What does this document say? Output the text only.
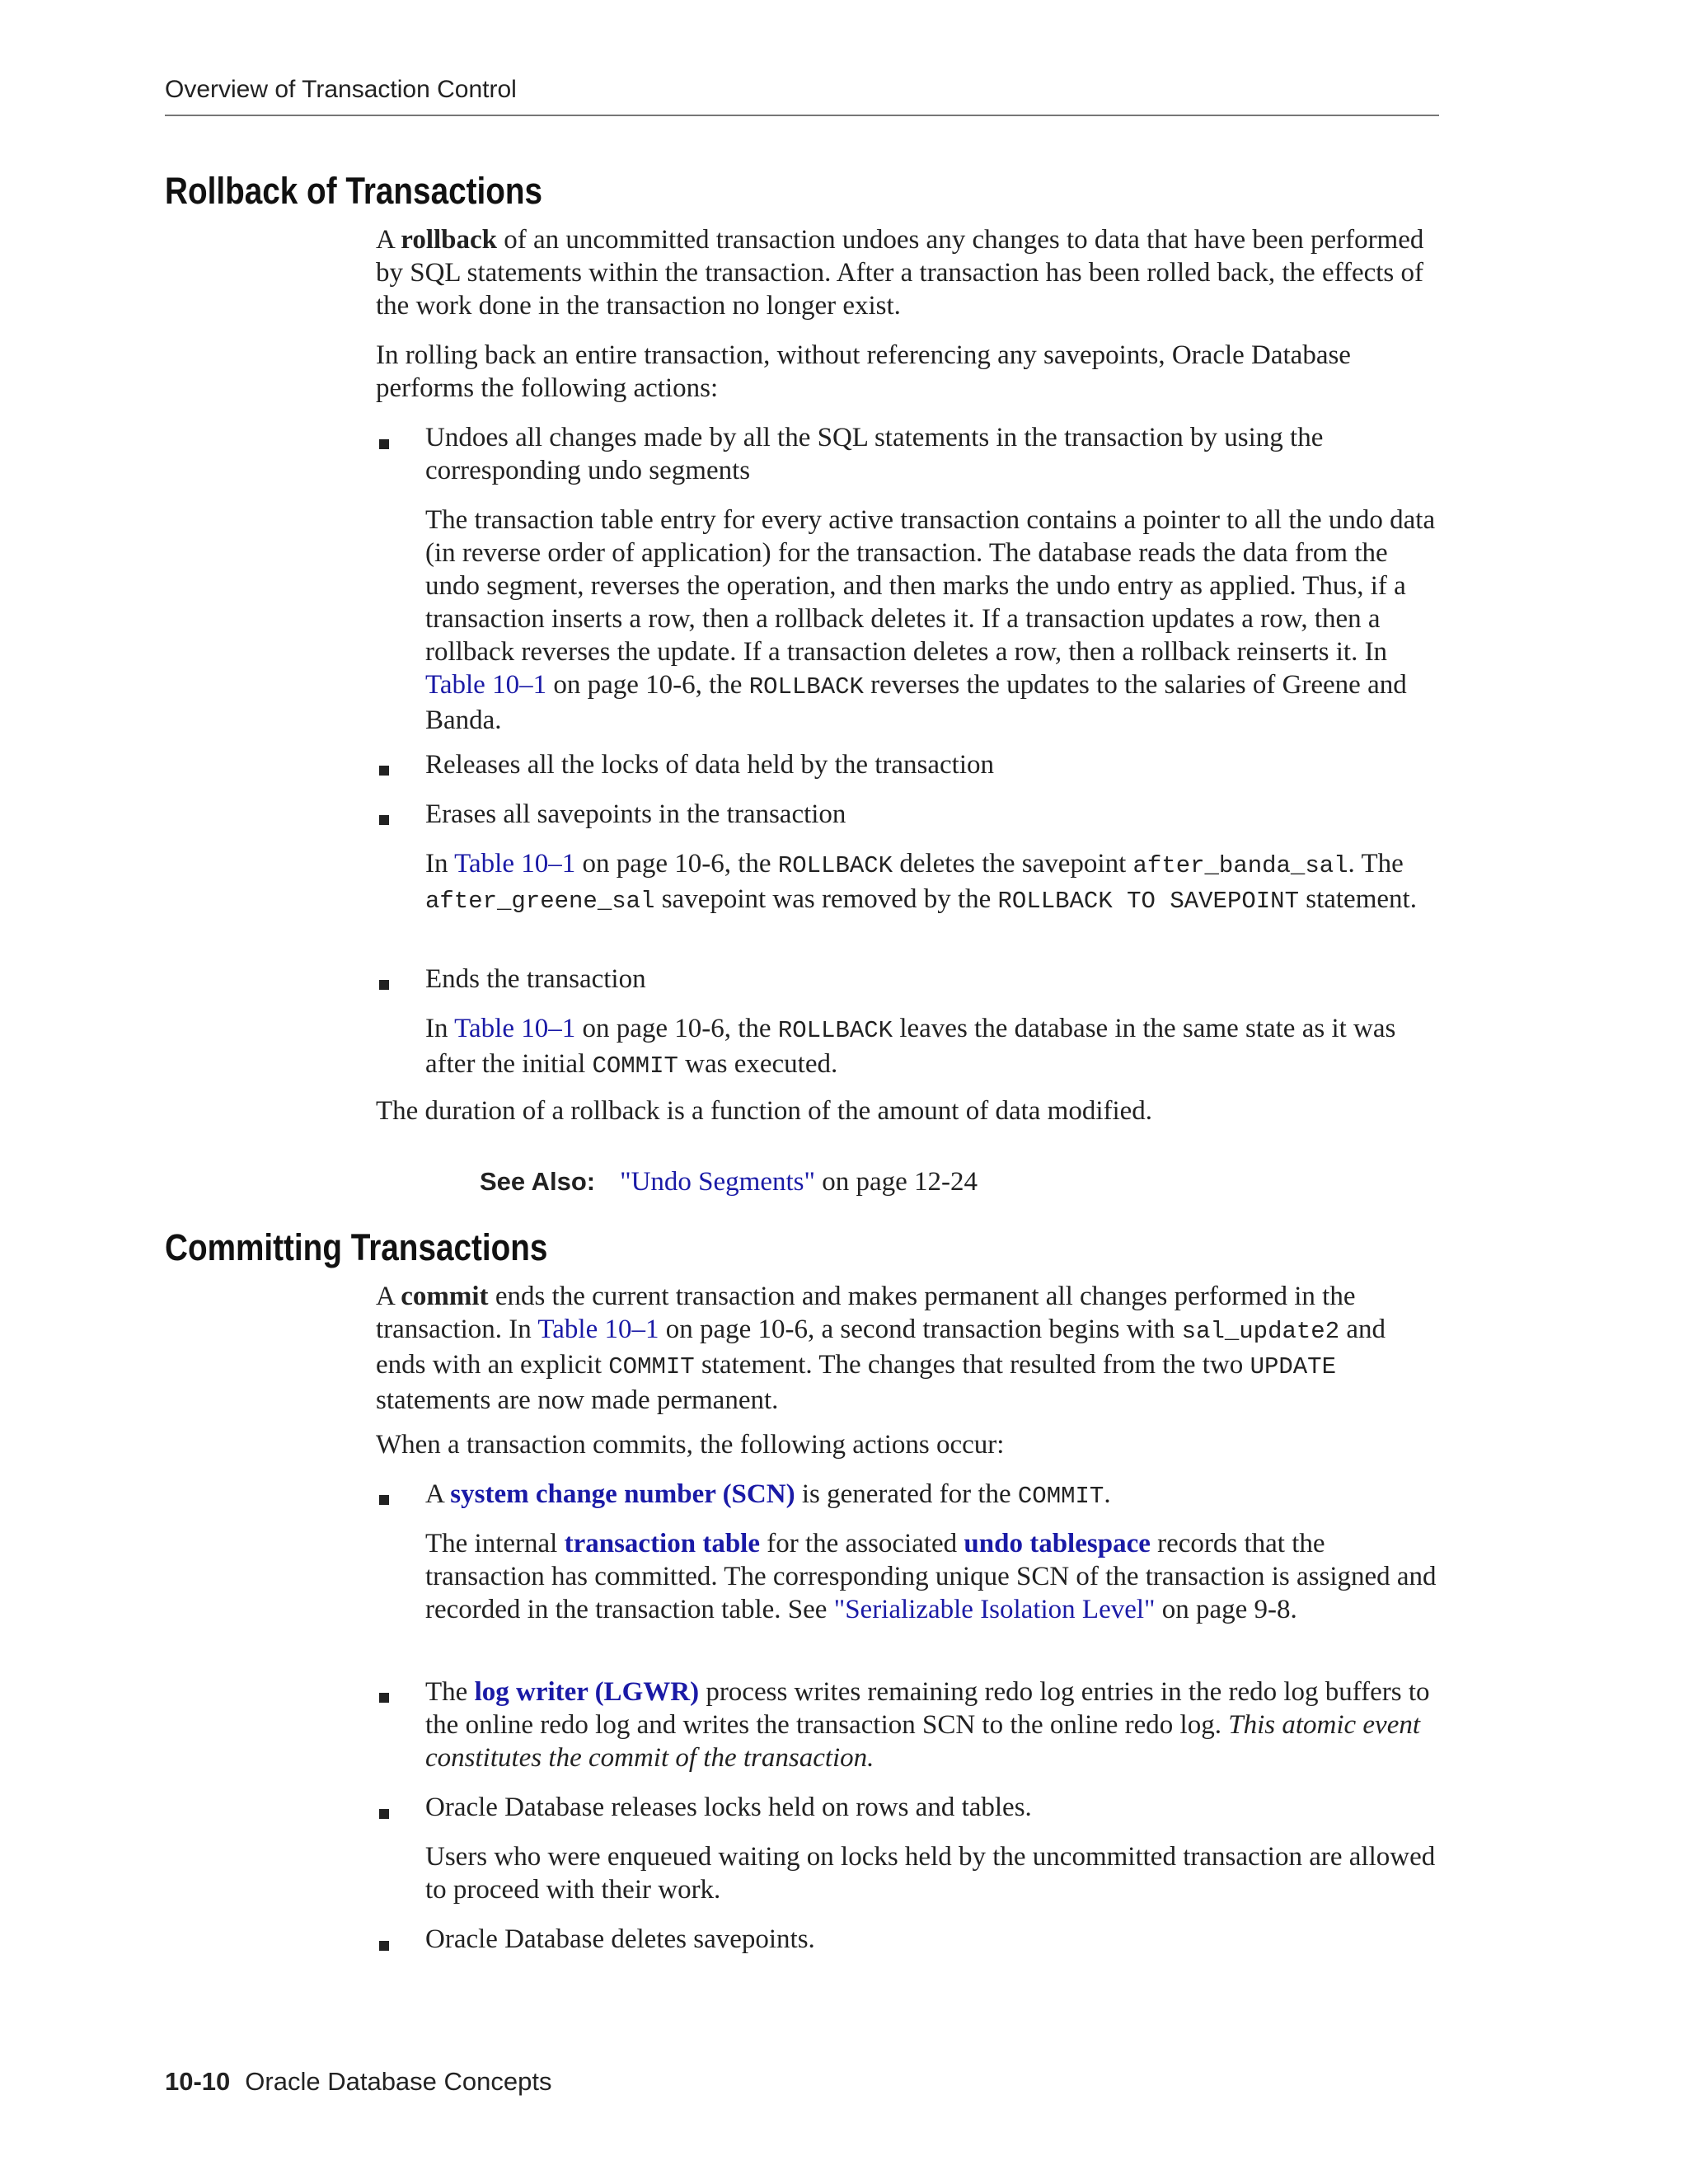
Overview of Transaction Control
Rollback of Transactions

A rollback of an uncommitted transaction undoes any changes to data that have been performed by SQL statements within the transaction. After a transaction has been rolled back, the effects of the work done in the transaction no longer exist.

In rolling back an entire transaction, without referencing any savepoints, Oracle Database performs the following actions:

Undoes all changes made by all the SQL statements in the transaction by using the corresponding undo segments

The transaction table entry for every active transaction contains a pointer to all the undo data (in reverse order of application) for the transaction. The database reads the data from the undo segment, reverses the operation, and then marks the undo entry as applied. Thus, if a transaction inserts a row, then a rollback deletes it. If a transaction updates a row, then a rollback reverses the update. If a transaction deletes a row, then a rollback reinserts it. In Table 10–1 on page 10-6, the ROLLBACK reverses the updates to the salaries of Greene and Banda.

Releases all the locks of data held by the transaction

Erases all savepoints in the transaction

In Table 10–1 on page 10-6, the ROLLBACK deletes the savepoint after_banda_sal. The after_greene_sal savepoint was removed by the ROLLBACK TO SAVEPOINT statement.

Ends the transaction

In Table 10–1 on page 10-6, the ROLLBACK leaves the database in the same state as it was after the initial COMMIT was executed.

The duration of a rollback is a function of the amount of data modified.

See Also: "Undo Segments" on page 12-24
Committing Transactions

A commit ends the current transaction and makes permanent all changes performed in the transaction. In Table 10–1 on page 10-6, a second transaction begins with sal_update2 and ends with an explicit COMMIT statement. The changes that resulted from the two UPDATE statements are now made permanent.

When a transaction commits, the following actions occur:

A system change number (SCN) is generated for the COMMIT.

The internal transaction table for the associated undo tablespace records that the transaction has committed. The corresponding unique SCN of the transaction is assigned and recorded in the transaction table. See "Serializable Isolation Level" on page 9-8.

The log writer (LGWR) process writes remaining redo log entries in the redo log buffers to the online redo log and writes the transaction SCN to the online redo log. This atomic event constitutes the commit of the transaction.

Oracle Database releases locks held on rows and tables.

Users who were enqueued waiting on locks held by the uncommitted transaction are allowed to proceed with their work.

Oracle Database deletes savepoints.

10-10 Oracle Database Concepts
